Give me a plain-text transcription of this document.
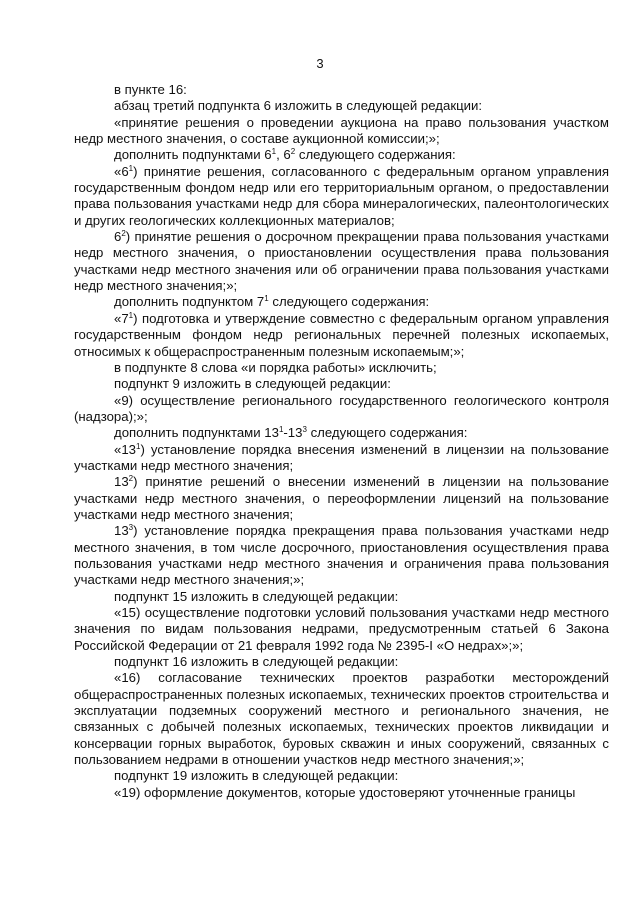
3

в пункте 16:

абзац третий подпункта 6 изложить в следующей редакции:

«принятие решения о проведении аукциона на право пользования участком недр местного значения, о составе аукционной комиссии;»;

дополнить подпунктами $6^1$, $6^2$ следующего содержания:

«$6^1$) принятие решения, согласованного с федеральным органом управления государственным фондом недр или его территориальным органом, о предоставлении права пользования участками недр для сбора минералогических, палеонтологических и других геологических коллекционных материалов;

$6^2$) принятие решения о досрочном прекращении права пользования участками недр местного значения, о приостановлении осуществления права пользования участками недр местного значения или об ограничении права пользования участками недр местного значения;»;

дополнить подпунктом $7^1$ следующего содержания:

«$7^1$) подготовка и утверждение совместно с федеральным органом управления государственным фондом недр региональных перечней полезных ископаемых, относимых к общераспространенным полезным ископаемым;»;

в подпункте 8 слова «и порядка работы» исключить;

подпункт 9 изложить в следующей редакции:

«9) осуществление регионального государственного геологического контроля (надзора);»;

дополнить подпунктами $13^1-13^3$ следующего содержания:

«$13^1$) установление порядка внесения изменений в лицензии на пользование участками недр местного значения;

$13^2$) принятие решений о внесении изменений в лицензии на пользование участками недр местного значения, о переоформлении лицензий на пользование участками недр местного значения;

$13^3$) установление порядка прекращения права пользования участками недр местного значения, в том числе досрочного, приостановления осуществления права пользования участками недр местного значения и ограничения права пользования участками недр местного значения;»;

подпункт 15 изложить в следующей редакции:

«15) осуществление подготовки условий пользования участками недр местного значения по видам пользования недрами, предусмотренным статьей 6 Закона Российской Федерации от 21 февраля 1992 года № 2395-I «О недрах»;»;

подпункт 16 изложить в следующей редакции:

«16) согласование технических проектов разработки месторождений общераспространенных полезных ископаемых, технических проектов строительства и эксплуатации подземных сооружений местного и регионального значения, не связанных с добычей полезных ископаемых, технических проектов ликвидации и консервации горных выработок, буровых скважин и иных сооружений, связанных с пользованием недрами в отношении участков недр местного значения;»;

подпункт 19 изложить в следующей редакции:

«19) оформление документов, которые удостоверяют уточненные границы
